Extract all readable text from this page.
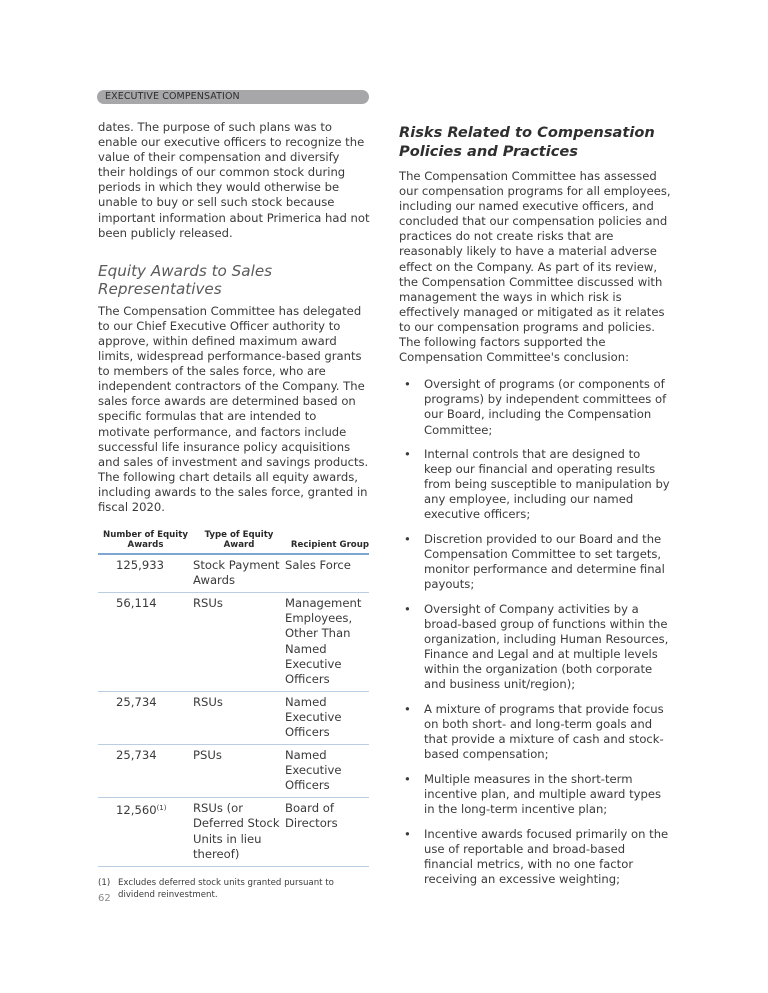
EXECUTIVE COMPENSATION

dates. The purpose of such plans was to enable our executive officers to recognize the value of their compensation and diversify their holdings of our common stock during periods in which they would otherwise be unable to buy or sell such stock because important information about Primerica had not been publicly released.

Equity Awards to Sales Representatives

The Compensation Committee has delegated to our Chief Executive Officer authority to approve, within defined maximum award limits, widespread performance-based grants to members of the sales force, who are independent contractors of the Company. The sales force awards are determined based on specific formulas that are intended to motivate performance, and factors include successful life insurance policy acquisitions and sales of investment and savings products. The following chart details all equity awards, including awards to the sales force, granted in fiscal 2020.

Number of Equity Awards	Type of Equity Award	Recipient Group
125,933	Stock Payment Awards	Sales Force
56,114	RSUs	Management Employees, Other Than Named Executive Officers
25,734	RSUs	Named Executive Officers
25,734	PSUs	Named Executive Officers
12,560$^{(1)}$	RSUs (or Deferred Stock Units in lieu thereof)	Board of Directors
(1) Excludes deferred stock units granted pursuant to dividend reinvestment.
Risks Related to Compensation Policies and Practices

The Compensation Committee has assessed our compensation programs for all employees, including our named executive officers, and concluded that our compensation policies and practices do not create risks that are reasonably likely to have a material adverse effect on the Company. As part of its review, the Compensation Committee discussed with management the ways in which risk is effectively managed or mitigated as it relates to our compensation programs and policies. The following factors supported the Compensation Committee's conclusion:

• Oversight of programs (or components of programs) by independent committees of our Board, including the Compensation Committee;
• Internal controls that are designed to keep our financial and operating results from being susceptible to manipulation by any employee, including our named executive officers;
• Discretion provided to our Board and the Compensation Committee to set targets, monitor performance and determine final payouts;
• Oversight of Company activities by a broad-based group of functions within the organization, including Human Resources, Finance and Legal and at multiple levels within the organization (both corporate and business unit/region);
• A mixture of programs that provide focus on both short- and long-term goals and that provide a mixture of cash and stock-based compensation;
• Multiple measures in the short-term incentive plan, and multiple award types in the long-term incentive plan;
• Incentive awards focused primarily on the use of reportable and broad-based financial metrics, with no one factor receiving an excessive weighting;
62
